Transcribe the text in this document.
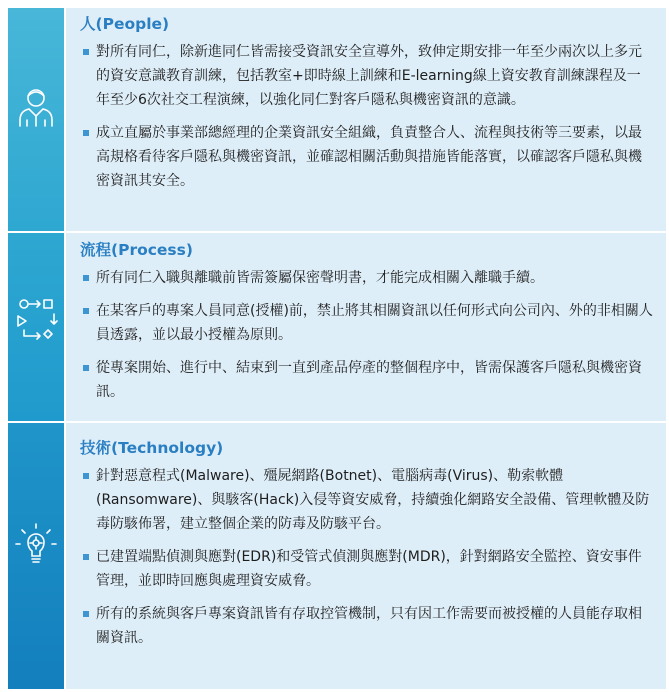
人(People)
對所有同仁，除新進同仁皆需接受資訊安全宣導外，致伸定期安排一年至少兩次以上多元的資安意識教育訓練，包括教室+即時線上訓練和E-learning線上資安教育訓練課程及一年至少6次社交工程演練，以強化同仁對客戶隱私與機密資訊的意識。
成立直屬於事業部總經理的企業資訊安全組織，負責整合人、流程與技術等三要素，以最高規格看待客戶隱私與機密資訊，並確認相關活動與措施皆能落實，以確認客戶隱私與機密資訊其安全。
流程(Process)
所有同仁入職與離職前皆需簽屬保密聲明書，才能完成相關入離職手續。
在某客戶的專案人員同意(授權)前，禁止將其相關資訊以任何形式向公司內、外的非相關人員透露，並以最小授權為原則。
從專案開始、進行中、結束到一直到產品停產的整個程序中，皆需保護客戶隱私與機密資訊。
技術(Technology)
針對惡意程式(Malware)、殭屍網路(Botnet)、電腦病毒(Virus)、勒索軟體(Ransomware)、與駭客(Hack)入侵等資安威脅，持續強化網路安全設備、管理軟體及防毒防駭佈署，建立整個企業的防毒及防駭平台。
已建置端點偵測與應對(EDR)和受管式偵測與應對(MDR)，針對網路安全監控、資安事件管理，並即時回應與處理資安威脅。
所有的系統與客戶專案資訊皆有存取控管機制，只有因工作需要而被授權的人員能存取相關資訊。
